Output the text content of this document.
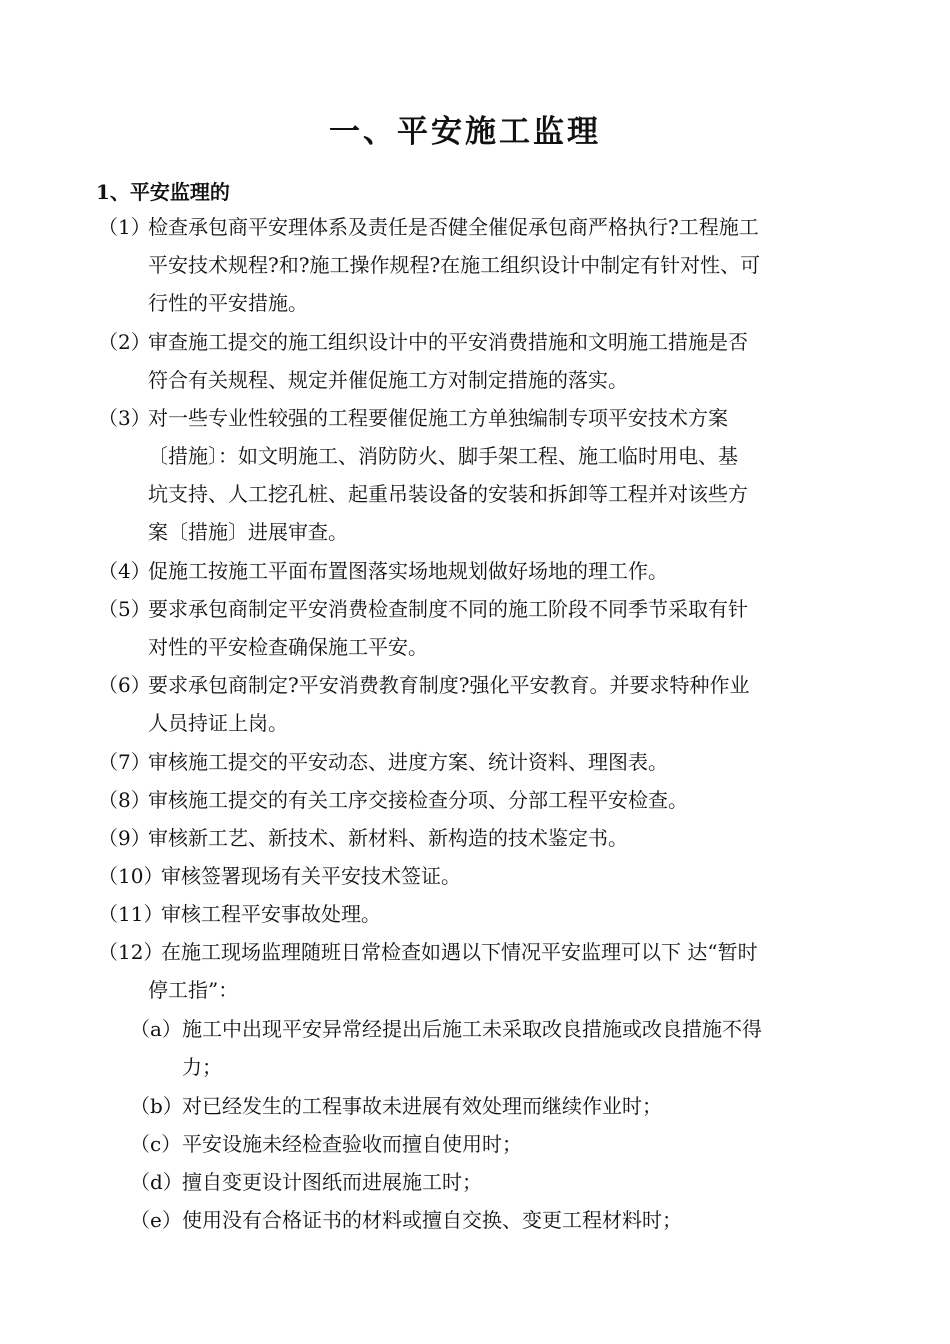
一、平安施工监理
1、平安监理的
（1）
检查承包商平安理体系及责任是否健全催促承包商严格执行?工程施工
平安技术规程?和?施工操作规程?在施工组织设计中制定有针对性、可
行性的平安措施。
（2）
审查施工提交的施工组织设计中的平安消费措施和文明施工措施是否
符合有关规程、规定并催促施工方对制定措施的落实。
（3）
对一些专业性较强的工程要催促施工方单独编制专项平安技术方案
〔措施〕：如文明施工、消防防火、脚手架工程、施工临时用电、基
坑支持、人工挖孔桩、起重吊装设备的安装和拆卸等工程并对该些方
案〔措施〕进展审查。
（4）
促施工按施工平面布置图落实场地规划做好场地的理工作。
（5）
要求承包商制定平安消费检查制度不同的施工阶段不同季节采取有针
对性的平安检查确保施工平安。
（6）
要求承包商制定?平安消费教育制度?强化平安教育。并要求特种作业
人员持证上岗。
（7）
审核施工提交的平安动态、进度方案、统计资料、理图表。
（8）
审核施工提交的有关工序交接检查分项、分部工程平安检查。
（9）
审核新工艺、新技术、新材料、新构造的技术鉴定书。
（10）
审核签署现场有关平安技术签证。
（11）
审核工程平安事故处理。
（12）
在施工现场监理随班日常检查如遇以下情况平安监理可以下 达“暂时
停工指”：
（a） 施工中出现平安异常经提出后施工未采取改良措施或改良措施不得
力；
（b） 对已经发生的工程事故未进展有效处理而继续作业时；
（c） 平安设施未经检查验收而擅自使用时；
（d） 擅自变更设计图纸而进展施工时；
（e） 使用没有合格证书的材料或擅自交换、变更工程材料时；
